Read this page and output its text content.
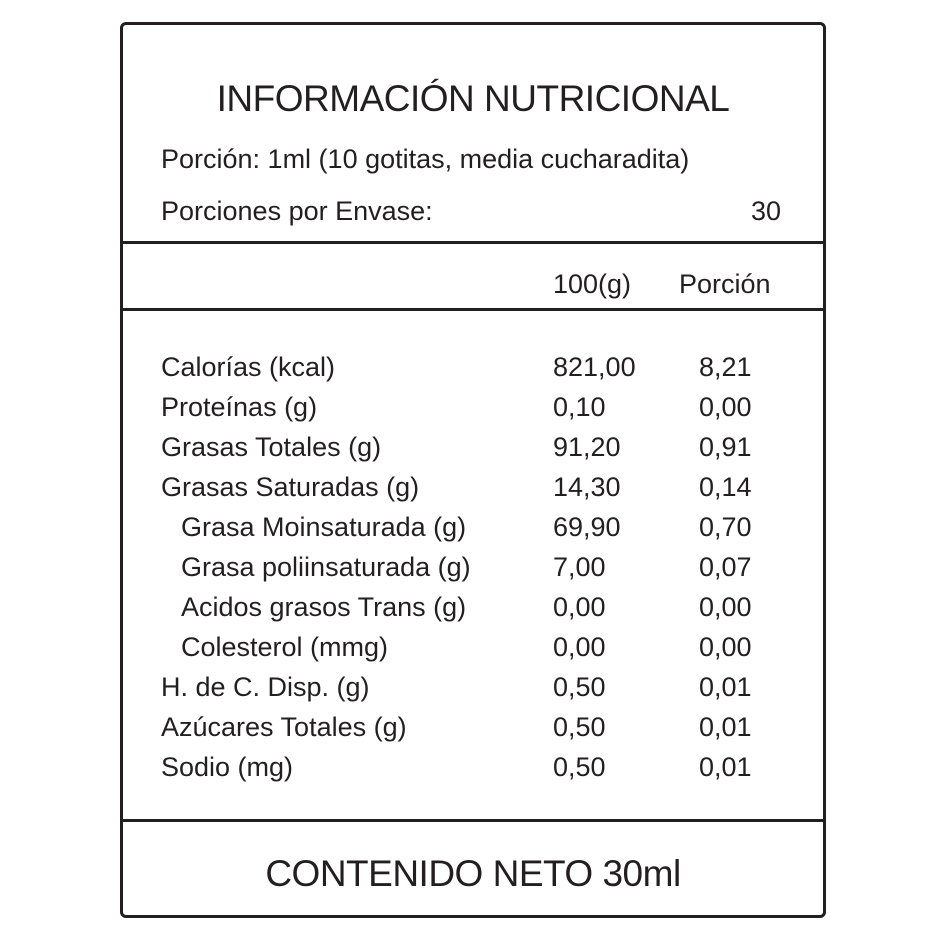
INFORMACIÓN NUTRICIONAL
Porción: 1ml (10 gotitas, media cucharadita)
Porciones por Envase:	30
100(g) Porción
Calorías (kcal)	821,00 8,21
Proteínas (g)	0,10	0,00
Grasas Totales (g)	91,20	0,91
Grasas Saturadas (g)	14,30	0,14
Grasa Moinsaturada (g)	69,90	0,70
Grasa poliinsaturada (g)	7,00	0,07
Acidos grasos Trans (g)	0,00	0,00
Colesterol (mmg)	0,00	0,00
H. de C. Disp. (g)	0,50	0,01
Azúcares Totales (g)	0,50	0,01
Sodio (mg)	0,50	0,01
CONTENIDO NETO 30ml
